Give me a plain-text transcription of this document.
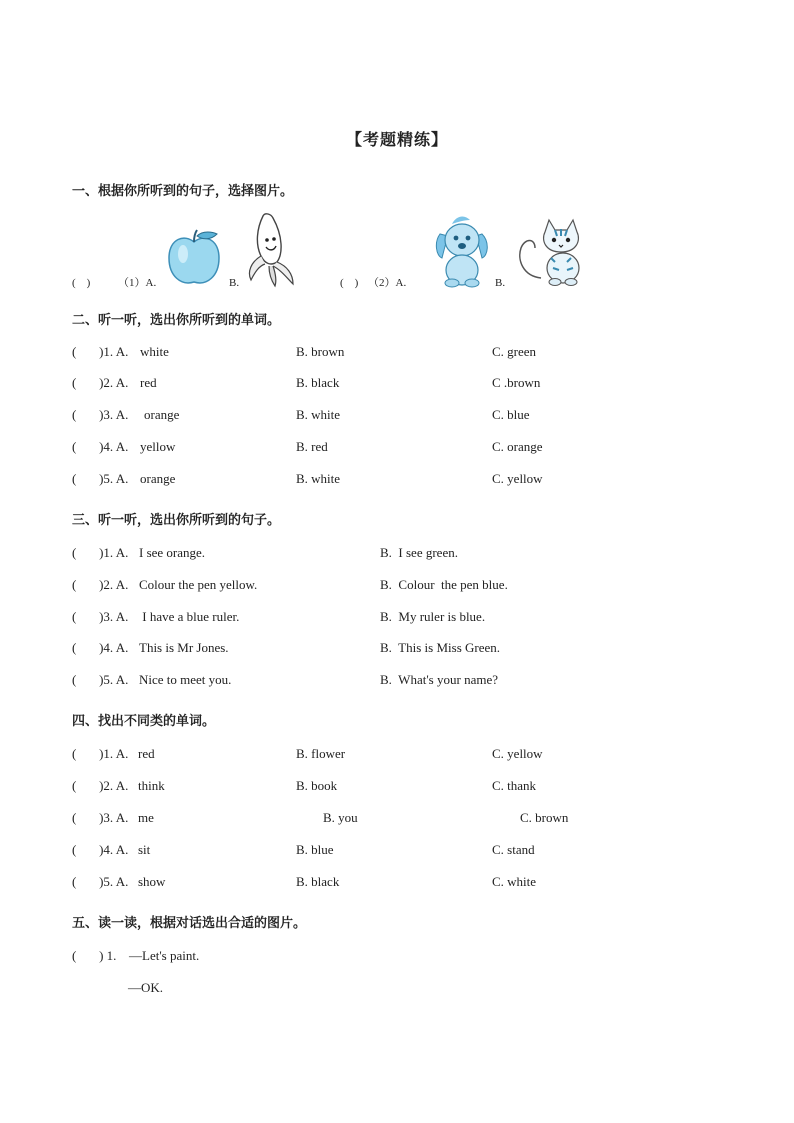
【考题精练】
一、根据你所听到的句子，选择图片。
(    )	（1）A.	B.	(    ) （2）A.	B.
二、听一听，选出你所听到的单词。
(       )1. A. white	B. brown	C. green
(       )2. A. red	B. black	C .brown
(       )3. A. orange	B. white	C. blue
(       )4. A. yellow	B. red	C. orange
(       )5. A. orange	B. white	C. yellow
三、听一听，选出你所听到的句子。
(       )1. A. I see orange.	B.  I see green.
(       )2. A. Colour the pen yellow.	B.  Colour  the pen blue.
(       )3. A. I have a blue ruler.	B.  My ruler is blue.
(       )4. A. This is Mr Jones.	B.  This is Miss Green.
(       )5. A. Nice to meet you.	B.  What's your name?
四、找出不同类的单词。
(       )1. A. red	B. flower	C. yellow
(       )2. A. think	B. book	C. thank
(       )3. A. me	B. you	C. brown
(       )4. A. sit	B. blue	C. stand
(       )5. A. show	B. black	C. white
五、读一读，根据对话选出合适的图片。
(       ) 1. —Let's paint.
—OK.
